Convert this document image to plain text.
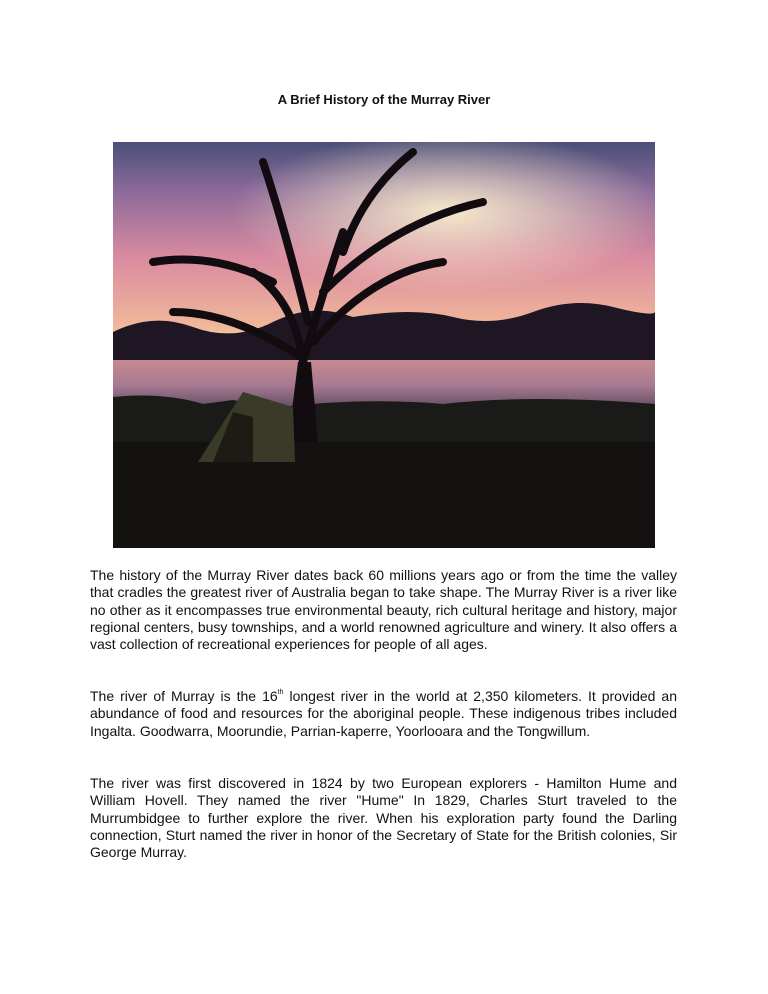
A Brief History of the Murray River

The history of the Murray River dates back 60 millions years ago or from the time the valley that cradles the greatest river of Australia began to take shape. The Murray River is a river like no other as it encompasses true environmental beauty, rich cultural heritage and history, major regional centers, busy townships, and a world renowned agriculture and winery. It also offers a vast collection of recreational experiences for people of all ages.

The river of Murray is the 16th longest river in the world at 2,350 kilometers. It provided an abundance of food and resources for the aboriginal people. These indigenous tribes included Ingalta. Goodwarra, Moorundie, Parrian-kaperre, Yoorlooara and the Tongwillum.

The river was first discovered in 1824 by two European explorers - Hamilton Hume and William Hovell. They named the river "Hume" In 1829, Charles Sturt traveled to the Murrumbidgee to further explore the river. When his exploration party found the Darling connection, Sturt named the river in honor of the Secretary of State for the British colonies, Sir George Murray.
